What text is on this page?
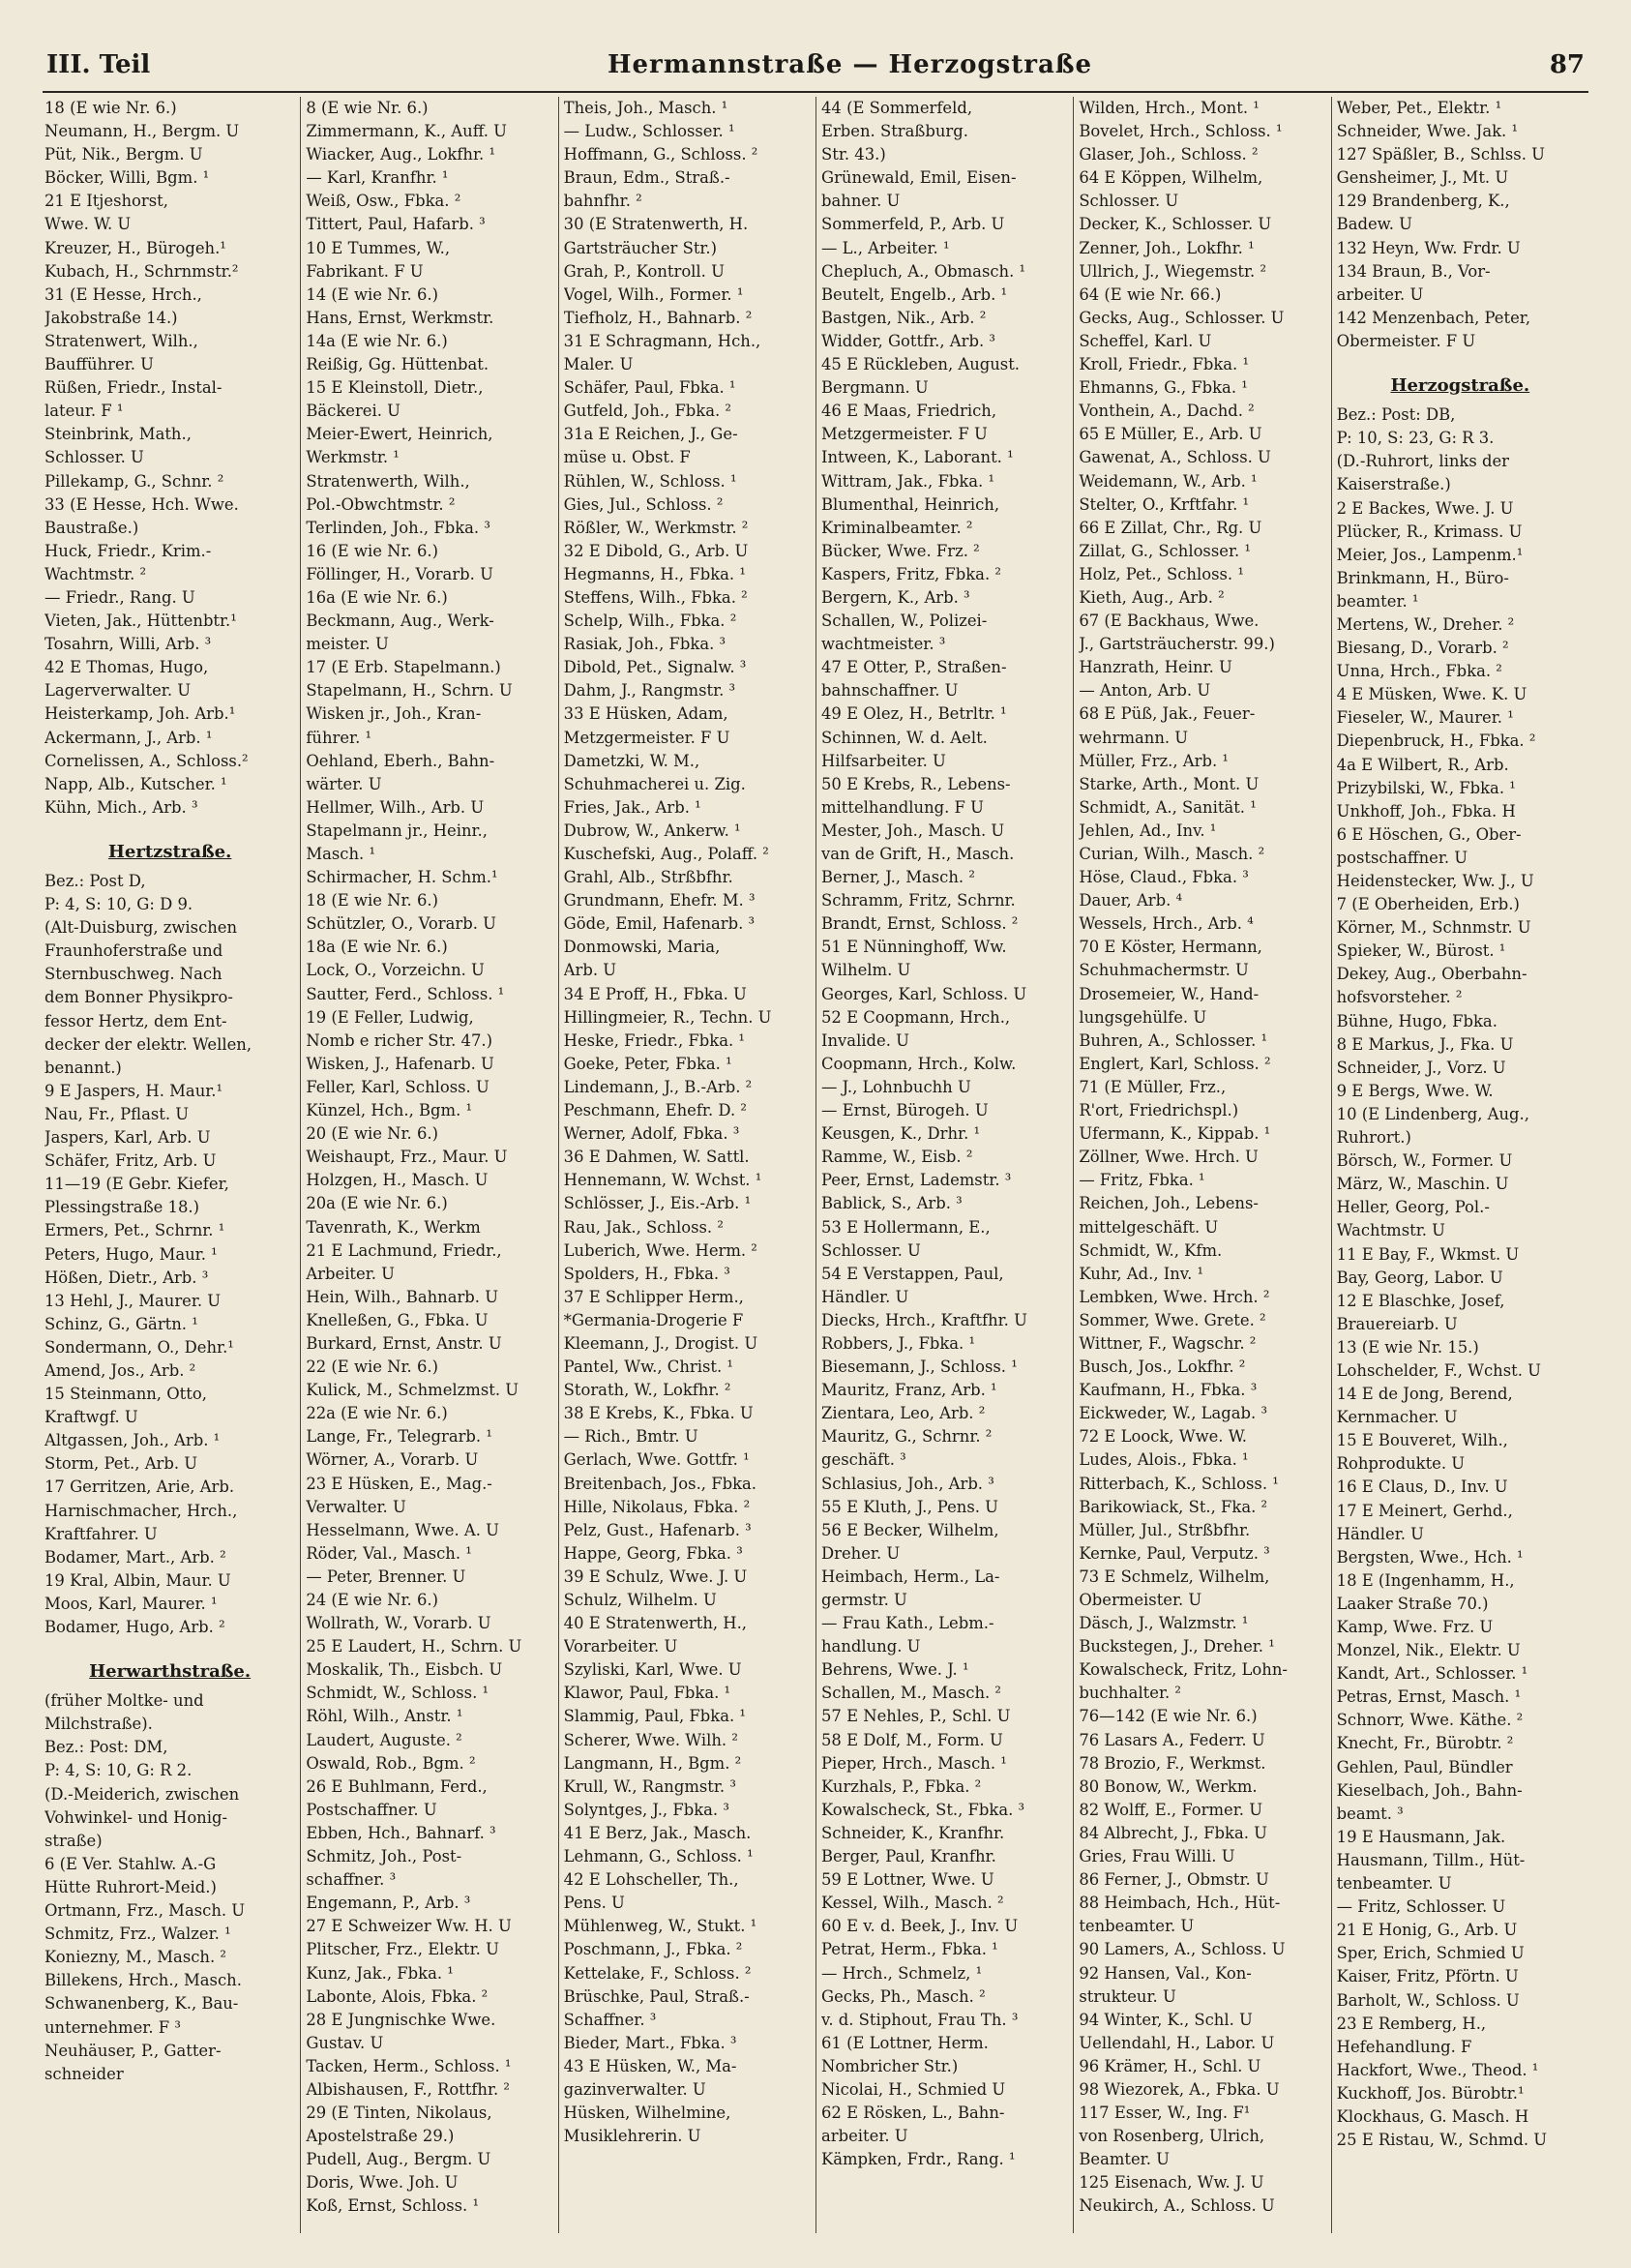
III. Teil	Hermannstraße — Herzogstraße	87
18 (E wie Nr. 6.)
Neumann, H., Bergm. U
Püt, Nik., Bergm. U
Böcker, Willi, Bgm. ¹
21 E Itjeshorst,
Wwe. W. U
Kreuzer, H., Bürogeh.¹
Kubach, H., Schrnmstr.²
31 (E Hesse, Hrch.,
Jakobstraße 14.)
Stratenwert, Wilh.,
Baufführer. U
Rüßen, Friedr., Instal-
lateur. F ¹
Steinbrink, Math.,
Schlosser. U
Pillekamp, G., Schnr. ²
33 (E Hesse, Hch. Wwe.
Baustraße.)
Huck, Friedr., Krim.-
Wachtmstr. ²
— Friedr., Rang. U
Vieten, Jak., Hüttenbtr.¹
Tosahrn, Willi, Arb. ³
42 E Thomas, Hugo,
Lagerverwalter. U
Heisterkamp, Joh. Arb.¹
Ackermann, J., Arb. ¹
Cornelissen, A., Schloss.²
Napp, Alb., Kutscher. ¹
Kühn, Mich., Arb. ³
Hertzstraße.
Bez.: Post D,
P: 4, S: 10, G: D 9.
(Alt-Duisburg, zwischen
Fraunhoferstraße und
Sternbuschweg. Nach
dem Bonner Physikpro-
fessor Hertz, dem Ent-
decker der elektr. Wellen,
benannt.)
9 E Jaspers, H. Maur.¹
Nau, Fr., Pflast. U
Jaspers, Karl, Arb. U
Schäfer, Fritz, Arb. U
11—19 (E Gebr. Kiefer,
Plessingstraße 18.)
Ermers, Pet., Schrnr. ¹
Peters, Hugo, Maur. ¹
Hößen, Dietr., Arb. ³
13 Hehl, J., Maurer. U
Schinz, G., Gärtn. ¹
Sondermann, O., Dehr.¹
Amend, Jos., Arb. ²
15 Steinmann, Otto,
Kraftwgf. U
Altgassen, Joh., Arb. ¹
Storm, Pet., Arb. U
17 Gerritzen, Arie, Arb.
Harnischmacher, Hrch.,
Kraftfahrer. U
Bodamer, Mart., Arb. ²
19 Kral, Albin, Maur. U
Moos, Karl, Maurer. ¹
Bodamer, Hugo, Arb. ²
Herwarthstraße.
(früher Moltke- und
Milchstraße).
Bez.: Post: DM,
P: 4, S: 10, G: R 2.
(D.-Meiderich, zwischen
Vohwinkel- und Honig-
straße)
6 (E Ver. Stahlw. A.-G
Hütte Ruhrort-Meid.)
Ortmann, Frz., Masch. U
Schmitz, Frz., Walzer. ¹
Koniezny, M., Masch. ²
Billekens, Hrch., Masch.
Schwanenberg, K., Bau-
unternehmer. F ³
Neuhäuser, P., Gatter-
schneider
8 (E wie Nr. 6.)
Zimmermann, K., Auff. U
Wiacker, Aug., Lokfhr. ¹
— Karl, Kranfhr. ¹
Weiß, Osw., Fbka. ²
Tittert, Paul, Hafarb. ³
10 E Tummes, W.,
Fabrikant. F U
14 (E wie Nr. 6.)
Hans, Ernst, Werkmstr.
14a (E wie Nr. 6.)
Reißig, Gg. Hüttenbat.
15 E Kleinstoll, Dietr.,
Bäckerei. U
Meier-Ewert, Heinrich,
Werkmstr. ¹
Stratenwerth, Wilh.,
Pol.-Obwchtmstr. ²
Terlinden, Joh., Fbka. ³
16 (E wie Nr. 6.)
Föllinger, H., Vorarb. U
16a (E wie Nr. 6.)
Beckmann, Aug., Werk-
meister. U
17 (E Erb. Stapelmann.)
Stapelmann, H., Schrn. U
Wisken jr., Joh., Kran-
führer. ¹
Oehland, Eberh., Bahn-
wärter. U
Hellmer, Wilh., Arb. U
Stapelmann jr., Heinr.,
Masch. ¹
Schirmacher, H. Schm.¹
18 (E wie Nr. 6.)
Schützler, O., Vorarb. U
18a (E wie Nr. 6.)
Lock, O., Vorzeichn. U
Sautter, Ferd., Schloss. ¹
19 (E Feller, Ludwig,
Nomb e richer Str. 47.)
Wisken, J., Hafenarb. U
Feller, Karl, Schloss. U
Künzel, Hch., Bgm. ¹
20 (E wie Nr. 6.)
Weishaupt, Frz., Maur. U
Holzgen, H., Masch. U
20a (E wie Nr. 6.)
Tavenrath, K., Werkm
21 E Lachmund, Friedr.,
Arbeiter. U
Hein, Wilh., Bahnarb. U
Knelleßen, G., Fbka. U
Burkard, Ernst, Anstr. U
22 (E wie Nr. 6.)
Kulick, M., Schmelzmst. U
22a (E wie Nr. 6.)
Lange, Fr., Telegrarb. ¹
Wörner, A., Vorarb. U
23 E Hüsken, E., Mag.-
Verwalter. U
Hesselmann, Wwe. A. U
Röder, Val., Masch. ¹
— Peter, Brenner. U
24 (E wie Nr. 6.)
Wollrath, W., Vorarb. U
25 E Laudert, H., Schrn. U
Moskalik, Th., Eisbch. U
Schmidt, W., Schloss. ¹
Röhl, Wilh., Anstr. ¹
Laudert, Auguste. ²
Oswald, Rob., Bgm. ²
26 E Buhlmann, Ferd.,
Postschaffner. U
Ebben, Hch., Bahnarf. ³
Schmitz, Joh., Post-
schaffner. ³
Engemann, P., Arb. ³
27 E Schweizer Ww. H. U
Plitscher, Frz., Elektr. U
Kunz, Jak., Fbka. ¹
Labonte, Alois, Fbka. ²
28 E Jungnischke Wwe.
Gustav. U
Tacken, Herm., Schloss. ¹
Albishausen, F., Rottfhr. ²
29 (E Tinten, Nikolaus,
Apostelstraße 29.)
Pudell, Aug., Bergm. U
Doris, Wwe. Joh. U
Koß, Ernst, Schloss. ¹
Theis, Joh., Masch. ¹
— Ludw., Schlosser. ¹
Hoffmann, G., Schloss. ²
Braun, Edm., Straß.-
bahnfhr. ²
30 (E Stratenwerth, H.
Gartsträucher Str.)
Grah, P., Kontroll. U
Vogel, Wilh., Former. ¹
Tiefholz, H., Bahnarb. ²
31 E Schragmann, Hch.,
Maler. U
Schäfer, Paul, Fbka. ¹
Gutfeld, Joh., Fbka. ²
31a E Reichen, J., Ge-
müse u. Obst. F
Rühlen, W., Schloss. ¹
Gies, Jul., Schloss. ²
Rößler, W., Werkmstr. ²
32 E Dibold, G., Arb. U
Hegmanns, H., Fbka. ¹
Steffens, Wilh., Fbka. ²
Schelp, Wilh., Fbka. ²
Rasiak, Joh., Fbka. ³
Dibold, Pet., Signalw. ³
Dahm, J., Rangmstr. ³
33 E Hüsken, Adam,
Metzgermeister. F U
Dametzki, W. M.,
Schuhmacherei u. Zig.
Fries, Jak., Arb. ¹
Dubrow, W., Ankerw. ¹
Kuschefski, Aug., Polaff. ²
Grahl, Alb., Strßbfhr.
Grundmann, Ehefr. M. ³
Göde, Emil, Hafenarb. ³
Donmowski, Maria,
Arb. U
34 E Proff, H., Fbka. U
Hillingmeier, R., Techn. U
Heske, Friedr., Fbka. ¹
Goeke, Peter, Fbka. ¹
Lindemann, J., B.-Arb. ²
Peschmann, Ehefr. D. ²
Werner, Adolf, Fbka. ³
36 E Dahmen, W. Sattl.
Hennemann, W. Wchst. ¹
Schlösser, J., Eis.-Arb. ¹
Rau, Jak., Schloss. ²
Luberich, Wwe. Herm. ²
Spolders, H., Fbka. ³
37 E Schlipper Herm.,
*Germania-Drogerie F
Kleemann, J., Drogist. U
Pantel, Ww., Christ. ¹
Storath, W., Lokfhr. ²
38 E Krebs, K., Fbka. U
— Rich., Bmtr. U
Gerlach, Wwe. Gottfr. ¹
Breitenbach, Jos., Fbka.
Hille, Nikolaus, Fbka. ²
Pelz, Gust., Hafenarb. ³
Happe, Georg, Fbka. ³
39 E Schulz, Wwe. J. U
Schulz, Wilhelm. U
40 E Stratenwerth, H.,
Vorarbeiter. U
Szyliski, Karl, Wwe. U
Klawor, Paul, Fbka. ¹
Slammig, Paul, Fbka. ¹
Scherer, Wwe. Wilh. ²
Langmann, H., Bgm. ²
Krull, W., Rangmstr. ³
Solyntges, J., Fbka. ³
41 E Berz, Jak., Masch.
Lehmann, G., Schloss. ¹
42 E Lohscheller, Th.,
Pens. U
Mühlenweg, W., Stukt. ¹
Poschmann, J., Fbka. ²
Kettelake, F., Schloss. ²
Brüschke, Paul, Straß.-
Schaffner. ³
Bieder, Mart., Fbka. ³
43 E Hüsken, W., Ma-
gazinverwalter. U
Hüsken, Wilhelmine,
Musiklehrerin. U
44 (E Sommerfeld,
Erben. Straßburg.
Str. 43.)
Grünewald, Emil, Eisen-
bahner. U
Sommerfeld, P., Arb. U
— L., Arbeiter. ¹
Chepluch, A., Obmasch. ¹
Beutelt, Engelb., Arb. ¹
Bastgen, Nik., Arb. ²
Widder, Gottfr., Arb. ³
45 E Rückleben, August.
Bergmann. U
46 E Maas, Friedrich,
Metzgermeister. F U
Intween, K., Laborant. ¹
Wittram, Jak., Fbka. ¹
Blumenthal, Heinrich,
Kriminalbeamter. ²
Bücker, Wwe. Frz. ²
Kaspers, Fritz, Fbka. ²
Bergern, K., Arb. ³
Schallen, W., Polizei-
wachtmeister. ³
47 E Otter, P., Straßen-
bahnschaffner. U
49 E Olez, H., Betrltr. ¹
Schinnen, W. d. Aelt.
Hilfsarbeiter. U
50 E Krebs, R., Lebens-
mittelhandlung. F U
Mester, Joh., Masch. U
van de Grift, H., Masch.
Berner, J., Masch. ²
Schramm, Fritz, Schrnr.
Brandt, Ernst, Schloss. ²
51 E Nünninghoff, Ww.
Wilhelm. U
Georges, Karl, Schloss. U
52 E Coopmann, Hrch.,
Invalide. U
Coopmann, Hrch., Kolw.
— J., Lohnbuchh U
— Ernst, Bürogeh. U
Keusgen, K., Drhr. ¹
Ramme, W., Eisb. ²
Peer, Ernst, Lademstr. ³
Bablick, S., Arb. ³
53 E Hollermann, E.,
Schlosser. U
54 E Verstappen, Paul,
Händler. U
Diecks, Hrch., Kraftfhr. U
Robbers, J., Fbka. ¹
Biesemann, J., Schloss. ¹
Mauritz, Franz, Arb. ¹
Zientara, Leo, Arb. ²
Mauritz, G., Schrnr. ²
geschäft. ³
Schlasius, Joh., Arb. ³
55 E Kluth, J., Pens. U
56 E Becker, Wilhelm,
Dreher. U
Heimbach, Herm., La-
germstr. U
— Frau Kath., Lebm.-
handlung. U
Behrens, Wwe. J. ¹
Schallen, M., Masch. ²
57 E Nehles, P., Schl. U
58 E Dolf, M., Form. U
Pieper, Hrch., Masch. ¹
Kurzhals, P., Fbka. ²
Kowalscheck, St., Fbka. ³
Schneider, K., Kranfhr.
Berger, Paul, Kranfhr.
59 E Lottner, Wwe. U
Kessel, Wilh., Masch. ²
60 E v. d. Beek, J., Inv. U
Petrat, Herm., Fbka. ¹
— Hrch., Schmelz, ¹
Gecks, Ph., Masch. ²
v. d. Stiphout, Frau Th. ³
61 (E Lottner, Herm.
Nombricher Str.)
Nicolai, H., Schmied U
62 E Rösken, L., Bahn-
arbeiter. U
Kämpken, Frdr., Rang. ¹
Wilden, Hrch., Mont. ¹
Bovelet, Hrch., Schloss. ¹
Glaser, Joh., Schloss. ²
64 E Köppen, Wilhelm,
Schlosser. U
Decker, K., Schlosser. U
Zenner, Joh., Lokfhr. ¹
Ullrich, J., Wiegemstr. ²
64 (E wie Nr. 66.)
Gecks, Aug., Schlosser. U
Scheffel, Karl. U
Kroll, Friedr., Fbka. ¹
Ehmanns, G., Fbka. ¹
Vonthein, A., Dachd. ²
65 E Müller, E., Arb. U
Gawenat, A., Schloss. U
Weidemann, W., Arb. ¹
Stelter, O., Krftfahr. ¹
66 E Zillat, Chr., Rg. U
Zillat, G., Schlosser. ¹
Holz, Pet., Schloss. ¹
Kieth, Aug., Arb. ²
67 (E Backhaus, Wwe.
J., Gartsträucherstr. 99.)
Hanzrath, Heinr. U
— Anton, Arb. U
68 E Püß, Jak., Feuer-
wehrmann. U
Müller, Frz., Arb. ¹
Starke, Arth., Mont. U
Schmidt, A., Sanität. ¹
Jehlen, Ad., Inv. ¹
Curian, Wilh., Masch. ²
Höse, Claud., Fbka. ³
Dauer, Arb. ⁴
Wessels, Hrch., Arb. ⁴
70 E Köster, Hermann,
Schuhmachermstr. U
Drosemeier, W., Hand-
lungsgehülfe. U
Buhren, A., Schlosser. ¹
Englert, Karl, Schloss. ²
71 (E Müller, Frz.,
R'ort, Friedrichspl.)
Ufermann, K., Kippab. ¹
Zöllner, Wwe. Hrch. U
— Fritz, Fbka. ¹
Reichen, Joh., Lebens-
mittelgeschäft. U
Schmidt, W., Kfm.
Kuhr, Ad., Inv. ¹
Lembken, Wwe. Hrch. ²
Sommer, Wwe. Grete. ²
Wittner, F., Wagschr. ²
Busch, Jos., Lokfhr. ²
Kaufmann, H., Fbka. ³
Eickweder, W., Lagab. ³
72 E Loock, Wwe. W.
Ludes, Alois., Fbka. ¹
Ritterbach, K., Schloss. ¹
Barikowiack, St., Fka. ²
Müller, Jul., Strßbfhr.
Kernke, Paul, Verputz. ³
73 E Schmelz, Wilhelm,
Obermeister. U
Däsch, J., Walzmstr. ¹
Buckstegen, J., Dreher. ¹
Kowalscheck, Fritz, Lohn-
buchhalter. ²
76—142 (E wie Nr. 6.)
76 Lasars A., Federr. U
78 Brozio, F., Werkmst.
80 Bonow, W., Werkm.
82 Wolff, E., Former. U
84 Albrecht, J., Fbka. U
Gries, Frau Willi. U
86 Ferner, J., Obmstr. U
88 Heimbach, Hch., Hüt-
tenbeamter. U
90 Lamers, A., Schloss. U
92 Hansen, Val., Kon-
strukteur. U
94 Winter, K., Schl. U
Uellendahl, H., Labor. U
96 Krämer, H., Schl. U
98 Wiezorek, A., Fbka. U
117 Esser, W., Ing. F¹
von Rosenberg, Ulrich,
Beamter. U
125 Eisenach, Ww. J. U
Neukirch, A., Schloss. U
Weber, Pet., Elektr. ¹
Schneider, Wwe. Jak. ¹
127 Späßler, B., Schlss. U
Gensheimer, J., Mt. U
129 Brandenberg, K.,
Badew. U
132 Heyn, Ww. Frdr. U
134 Braun, B., Vor-
arbeiter. U
142 Menzenbach, Peter,
Obermeister. F U
Herzogstraße.
Bez.: Post: DB,
P: 10, S: 23, G: R 3.
(D.-Ruhrort, links der
Kaiserstraße.)
2 E Backes, Wwe. J. U
Plücker, R., Krimass. U
Meier, Jos., Lampenm.¹
Brinkmann, H., Büro-
beamter. ¹
Mertens, W., Dreher. ²
Biesang, D., Vorarb. ²
Unna, Hrch., Fbka. ²
4 E Müsken, Wwe. K. U
Fieseler, W., Maurer. ¹
Diepenbruck, H., Fbka. ²
4a E Wilbert, R., Arb.
Prizybilski, W., Fbka. ¹
Unkhoff, Joh., Fbka. H
6 E Höschen, G., Ober-
postschaffner. U
Heidenstecker, Ww. J., U
7 (E Oberheiden, Erb.)
Körner, M., Schnmstr. U
Spieker, W., Bürost. ¹
Dekey, Aug., Oberbahn-
hofsvorsteher. ²
Bühne, Hugo, Fbka.
8 E Markus, J., Fka. U
Schneider, J., Vorz. U
9 E Bergs, Wwe. W.
10 (E Lindenberg, Aug.,
Ruhrort.)
Börsch, W., Former. U
März, W., Maschin. U
Heller, Georg, Pol.-
Wachtmstr. U
11 E Bay, F., Wkmst. U
Bay, Georg, Labor. U
12 E Blaschke, Josef,
Brauereiarb. U
13 (E wie Nr. 15.)
Lohschelder, F., Wchst. U
14 E de Jong, Berend,
Kernmacher. U
15 E Bouveret, Wilh.,
Rohprodukte. U
16 E Claus, D., Inv. U
17 E Meinert, Gerhd.,
Händler. U
Bergsten, Wwe., Hch. ¹
18 E (Ingenhamm, H.,
Laaker Straße 70.)
Kamp, Wwe. Frz. U
Monzel, Nik., Elektr. U
Kandt, Art., Schlosser. ¹
Petras, Ernst, Masch. ¹
Schnorr, Wwe. Käthe. ²
Knecht, Fr., Bürobtr. ²
Gehlen, Paul, Bündler
Kieselbach, Joh., Bahn-
beamt. ³
19 E Hausmann, Jak.
Hausmann, Tillm., Hüt-
tenbeamter. U
— Fritz, Schlosser. U
21 E Honig, G., Arb. U
Sper, Erich, Schmied U
Kaiser, Fritz, Pförtn. U
Barholt, W., Schloss. U
23 E Remberg, H.,
Hefehandlung. F
Hackfort, Wwe., Theod. ¹
Kuckhoff, Jos. Bürobtr.¹
Klockhaus, G. Masch. H
25 E Ristau, W., Schmd. U
